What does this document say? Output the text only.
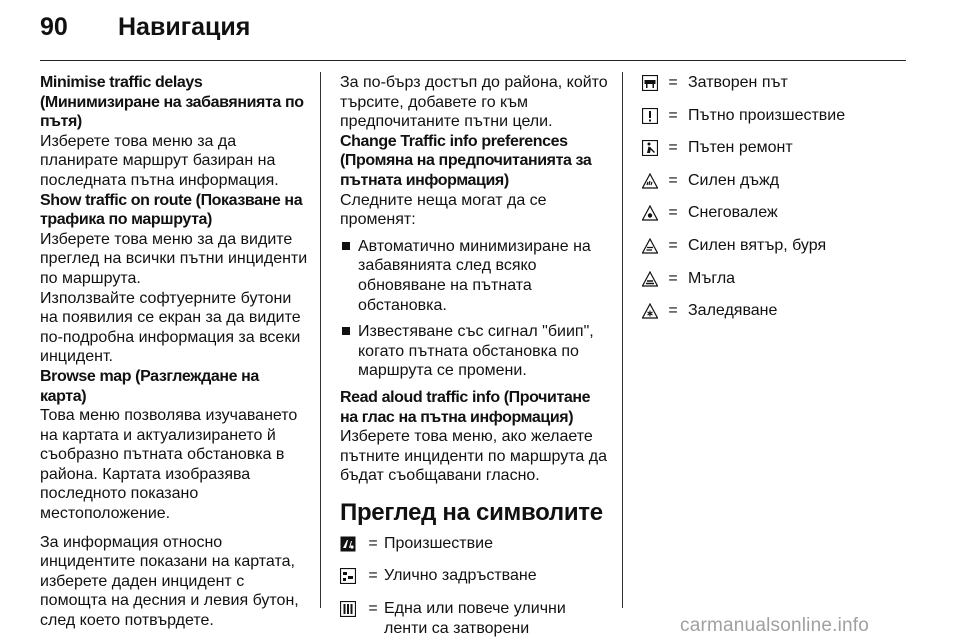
90 Навигация
Minimise traffic delays (Минимизиране на забавянията по пътя)
Изберете това меню за да планирате маршрут базиран на последната пътна информация.
Show traffic on route (Показване на трафика по маршрута)
Изберете това меню за да видите преглед на всички пътни инциденти по маршрута.
Използвайте софтуерните бутони на появилия се екран за да видите по-подробна информация за всеки инцидент.
Browse map (Разглеждане на карта)
Това меню позволява изучаването на картата и актуализирането й съобразно пътната обстановка в района. Картата изобразява последното показано местоположение.
За информация относно инцидентите показани на картата, изберете даден инцидент с помощта на десния и левия бутон, след което потвърдете.
За по-бърз достъп до района, който търсите, добавете го към предпочитаните пътни цели.
Change Traffic info preferences (Промяна на предпочитанията за пътната информация)
Следните неща могат да се променят:
Автоматично минимизиране на забавянията след всяко обновяване на пътната обстановка.
Известяване със сигнал "биип", когато пътната обстановка по маршрута се промени.
Read aloud traffic info (Прочитане на глас на пътна информация)
Изберете това меню, ако желаете пътните инциденти по маршрута да бъдат съобщавани гласно.
Преглед на символите
= Произшествие
= Улично задръстване
= Една или повече улични ленти са затворени
= Затворен път
= Пътно произшествие
= Пътен ремонт
= Силен дъжд
= Снеговалеж
= Силен вятър, буря
= Мъгла
= Заледяване
carmanualsonline.info
